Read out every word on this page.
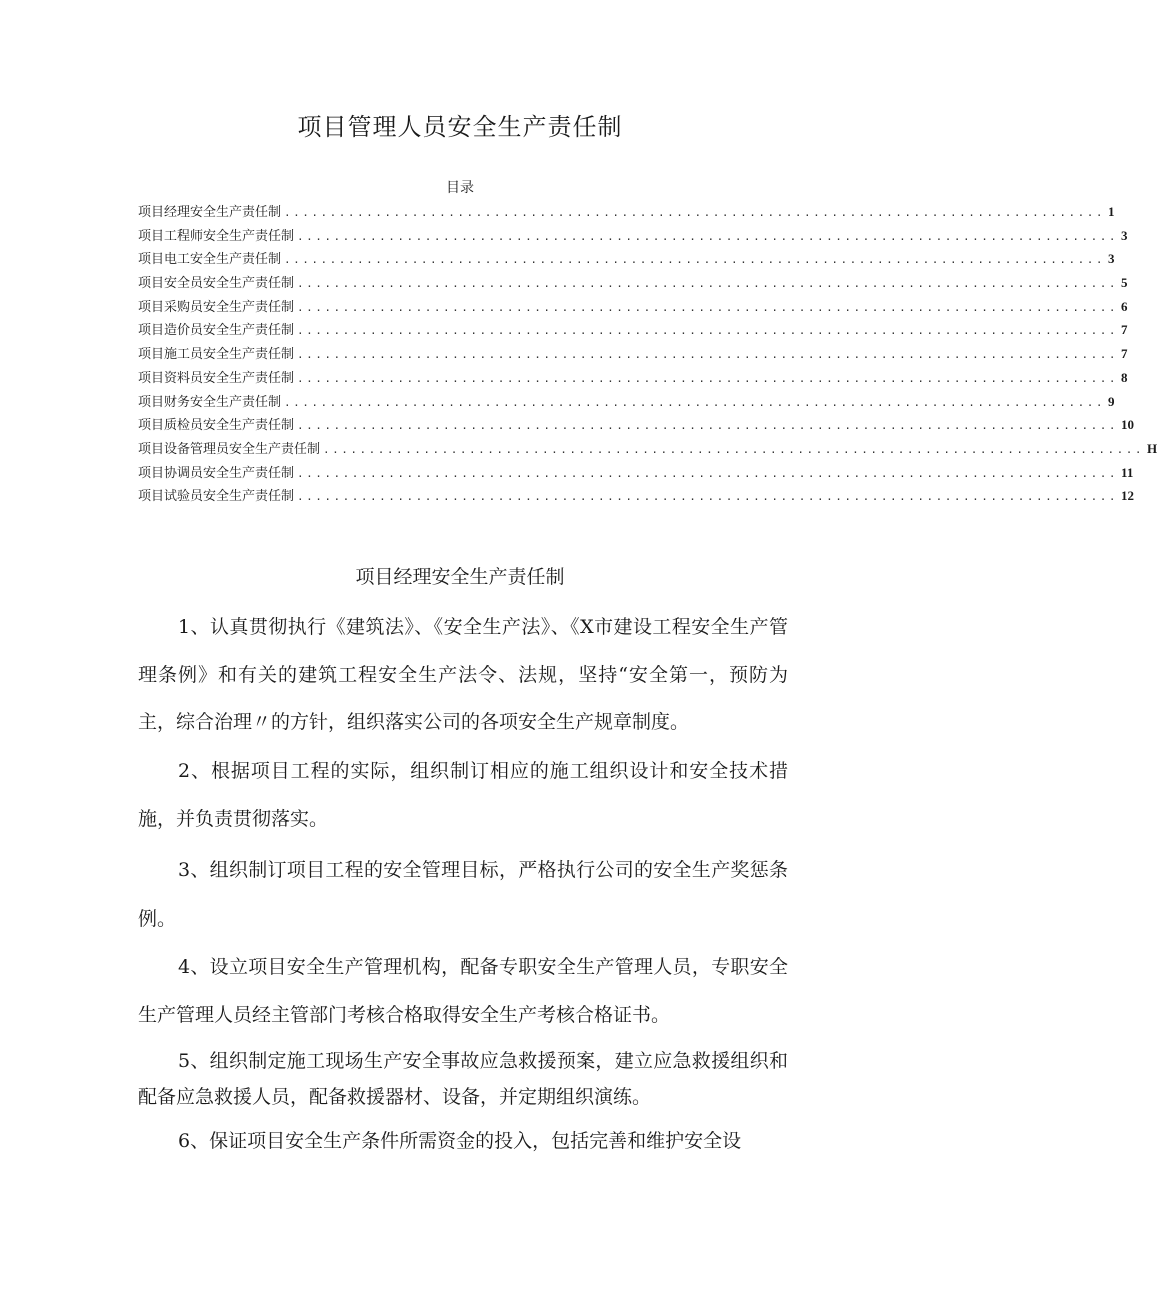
项目管理人员安全生产责任制
目录
项目经理安全生产责任制 .......................................................................................... 1
项目工程师安全生产责任制 .......................................................................................... 3
项目电工安全生产责任制 .......................................................................................... 3
项目安全员安全生产责任制 .......................................................................................... 5
项目采购员安全生产责任制 .......................................................................................... 6
项目造价员安全生产责任制 .......................................................................................... 7
项目施工员安全生产责任制 .......................................................................................... 7
项目资料员安全生产责任制 .......................................................................................... 8
项目财务安全生产责任制 .......................................................................................... 9
项目质检员安全生产责任制 .......................................................................................... 10
项目设备管理员安全生产责任制 .......................................................................................... H
项目协调员安全生产责任制 .......................................................................................... 11
项目试验员安全生产责任制 .......................................................................................... 12
项目经理安全生产责任制

1、认真贯彻执行《建筑法》、《安全生产法》、《X市建设工程安全生产管理条例》和有关的建筑工程安全生产法令、法规，坚持“安全第一，预防为主，综合治理〃的方针，组织落实公司的各项安全生产规章制度。

2、根据项目工程的实际，组织制订相应的施工组织设计和安全技术措施，并负责贯彻落实。

3、组织制订项目工程的安全管理目标，严格执行公司的安全生产奖惩条例。

4、设立项目安全生产管理机构，配备专职安全生产管理人员，专职安全生产管理人员经主管部门考核合格取得安全生产考核合格证书。

5、组织制定施工现场生产安全事故应急救援预案，建立应急救援组织和配备应急救援人员，配备救援器材、设备，并定期组织演练。

6、保证项目安全生产条件所需资金的投入，包括完善和维护安全设
